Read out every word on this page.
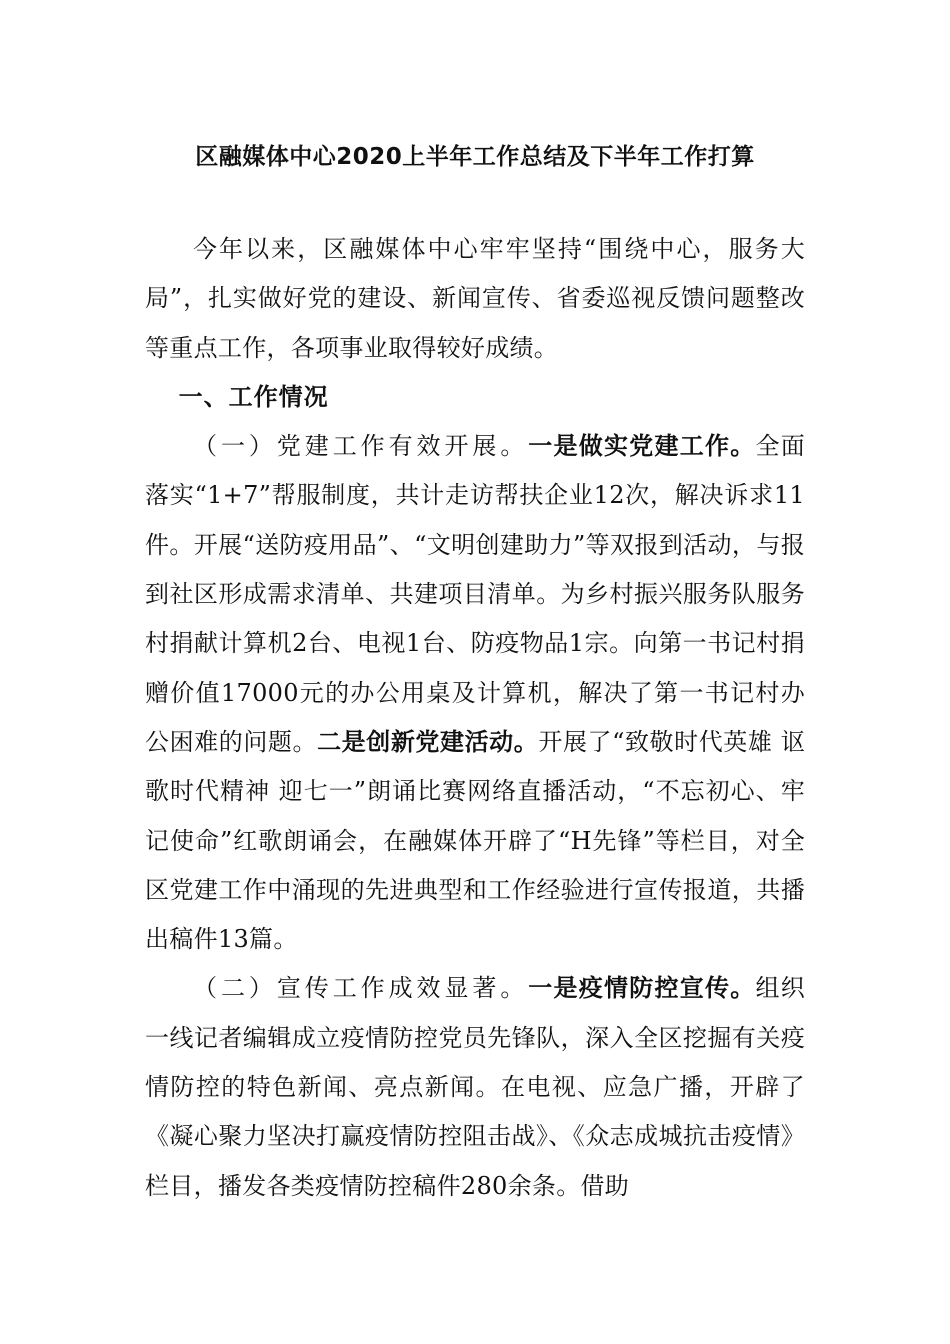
区融媒体中心2020上半年工作总结及下半年工作打算

今年以来，区融媒体中心牢牢坚持“围绕中心，服务大局”，扎实做好党的建设、新闻宣传、省委巡视反馈问题整改等重点工作，各项事业取得较好成绩。

一、工作情况

（一）党建工作有效开展。一是做实党建工作。全面落实“1+7”帮服制度，共计走访帮扶企业12次，解决诉求11件。开展“送防疫用品”、“文明创建助力”等双报到活动，与报到社区形成需求清单、共建项目清单。为乡村振兴服务队服务村捐献计算机2台、电视1台、防疫物品1宗。向第一书记村捐赠价值17000元的办公用桌及计算机，解决了第一书记村办公困难的问题。二是创新党建活动。开展了“致敬时代英雄 讴歌时代精神 迎七一”朗诵比赛网络直播活动，“不忘初心、牢记使命”红歌朗诵会，在融媒体开辟了“H先锋”等栏目，对全区党建工作中涌现的先进典型和工作经验进行宣传报道，共播出稿件13篇。

（二）宣传工作成效显著。一是疫情防控宣传。组织一线记者编辑成立疫情防控党员先锋队，深入全区挖掘有关疫情防控的特色新闻、亮点新闻。在电视、应急广播，开辟了《凝心聚力坚决打赢疫情防控阻击战》、《众志成城抗击疫情》栏目，播发各类疫情防控稿件280余条。借助
